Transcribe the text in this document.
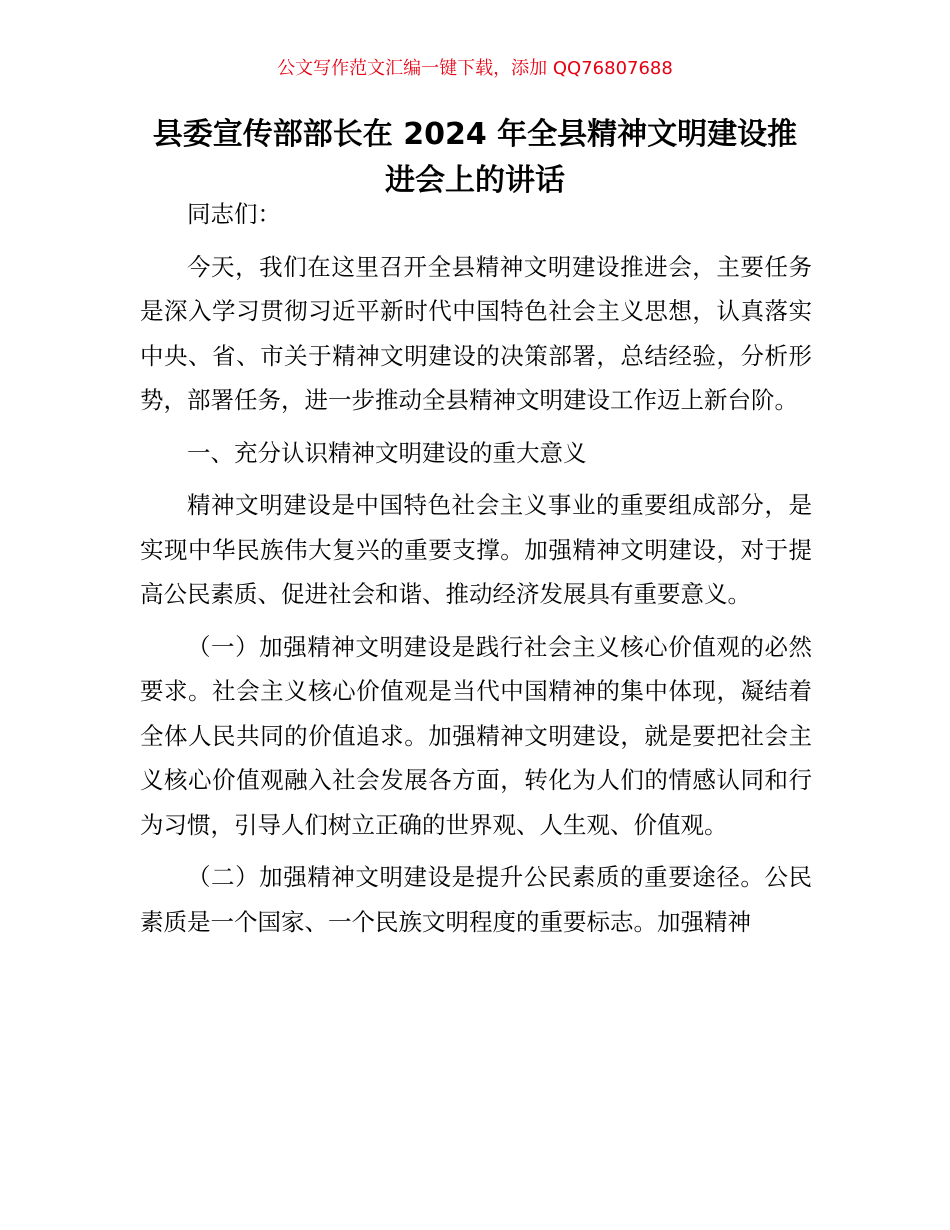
公文写作范文汇编一键下载，添加 QQ76807688
县委宣传部部长在 2024 年全县精神文明建设推进会上的讲话

同志们：

今天，我们在这里召开全县精神文明建设推进会，主要任务是深入学习贯彻习近平新时代中国特色社会主义思想，认真落实中央、省、市关于精神文明建设的决策部署，总结经验，分析形势，部署任务，进一步推动全县精神文明建设工作迈上新台阶。

一、充分认识精神文明建设的重大意义

精神文明建设是中国特色社会主义事业的重要组成部分，是实现中华民族伟大复兴的重要支撑。加强精神文明建设，对于提高公民素质、促进社会和谐、推动经济发展具有重要意义。

（一）加强精神文明建设是践行社会主义核心价值观的必然要求。社会主义核心价值观是当代中国精神的集中体现，凝结着全体人民共同的价值追求。加强精神文明建设，就是要把社会主义核心价值观融入社会发展各方面，转化为人们的情感认同和行为习惯，引导人们树立正确的世界观、人生观、价值观。

（二）加强精神文明建设是提升公民素质的重要途径。公民素质是一个国家、一个民族文明程度的重要标志。加强精神
